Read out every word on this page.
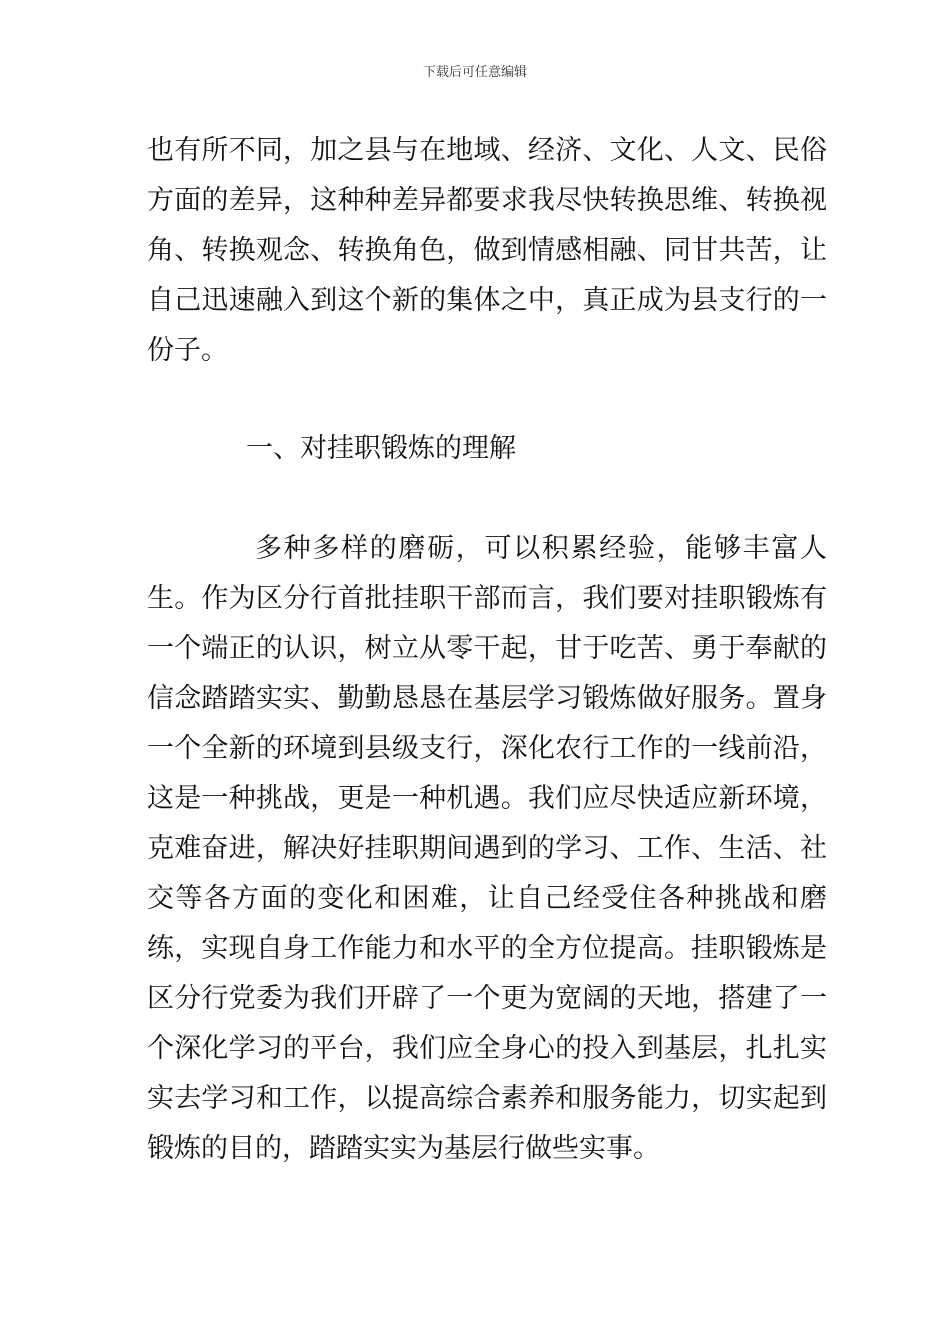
下载后可任意编辑

也有所不同，加之县与在地域、经济、文化、人文、民俗方面的差异，这种种差异都要求我尽快转换思维、转换视角、转换观念、转换角色，做到情感相融、同甘共苦，让自己迅速融入到这个新的集体之中，真正成为县支行的一份子。

一、对挂职锻炼的理解

多种多样的磨砺，可以积累经验，能够丰富人生。作为区分行首批挂职干部而言，我们要对挂职锻炼有一个端正的认识，树立从零干起，甘于吃苦、勇于奉献的信念踏踏实实、勤勤恳恳在基层学习锻炼做好服务。置身一个全新的环境到县级支行，深化农行工作的一线前沿，这是一种挑战，更是一种机遇。我们应尽快适应新环境，克难奋进，解决好挂职期间遇到的学习、工作、生活、社交等各方面的变化和困难，让自己经受住各种挑战和磨练，实现自身工作能力和水平的全方位提高。挂职锻炼是区分行党委为我们开辟了一个更为宽阔的天地，搭建了一个深化学习的平台，我们应全身心的投入到基层，扎扎实实去学习和工作，以提高综合素养和服务能力，切实起到锻炼的目的，踏踏实实为基层行做些实事。
